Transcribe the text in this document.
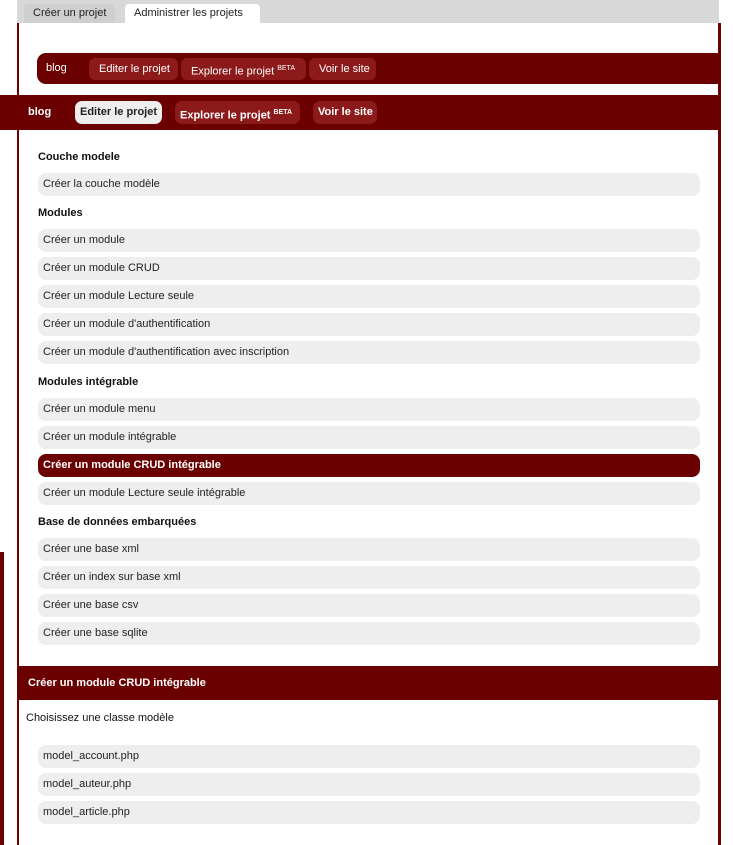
Créer un projet	Administrer les projets
blog	Editer le projet	Explorer le projet $^{BETA}$	Voir le site
blog	Editer le projet	Explorer le projet $^{BETA}$	Voir le site
Couche modele
Créer la couche modèle
Modules
Créer un module
Créer un module CRUD
Créer un module Lecture seule
Créer un module d'authentification
Créer un module d'authentification avec inscription
Modules intégrable
Créer un module menu
Créer un module intégrable
Créer un module CRUD intégrable
Créer un module Lecture seule intégrable
Base de données embarquées
Créer une base xml
Créer un index sur base xml
Créer une base csv
Créer une base sqlite
Créer un module CRUD intégrable
Choisissez une classe modèle
model_account.php
model_auteur.php
model_article.php
